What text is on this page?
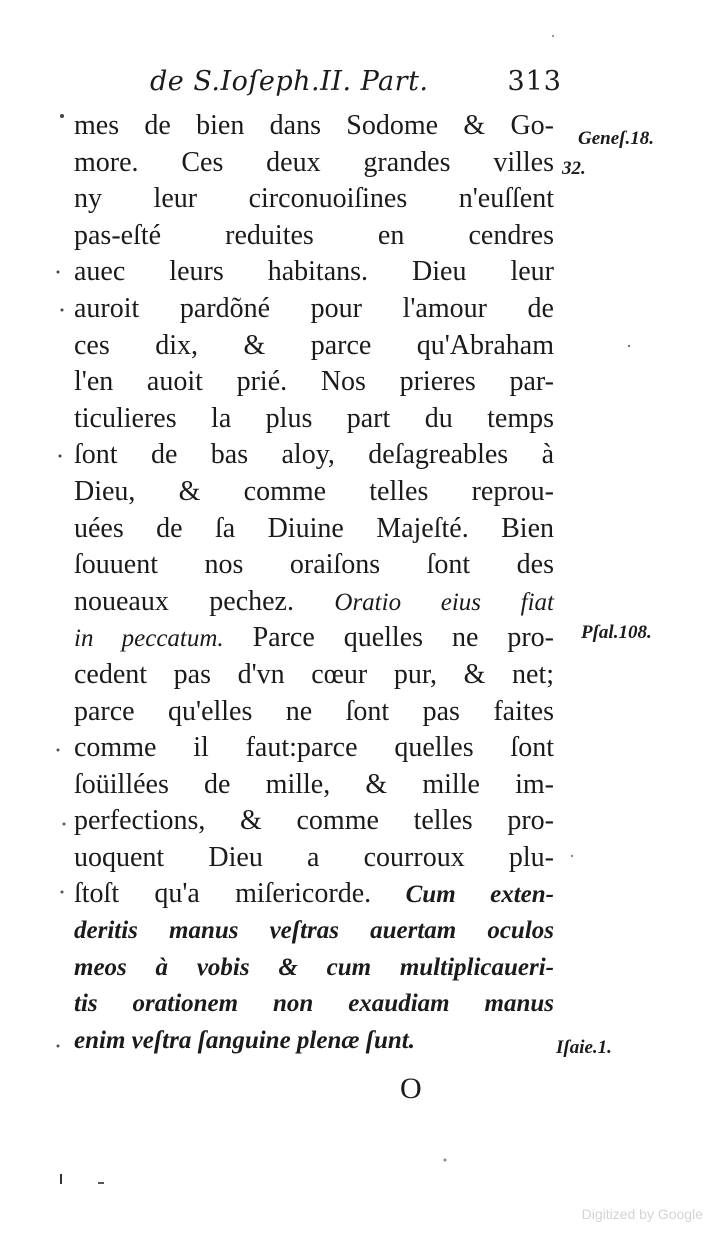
de S.Ioſeph.II. Part.	313
mes de bien dans Sodome & Go-
more. Ces deux grandes villes
ny leur circonuoiſines n'euſſent
pas-eſté reduites en cendres
auec leurs habitans. Dieu leur
auroit pardõné pour l'amour de
ces dix, & parce qu'Abraham
l'en auoit prié. Nos prieres par-
ticulieres la plus part du temps
ſont de bas aloy, deſagreables à
Dieu, & comme telles reprou-
uées de ſa Diuine Majeſté. Bien
ſouuent nos oraiſons ſont des
noueaux pechez. Oratio eius fiat
in peccatum. Parce quelles ne pro-
cedent pas d'vn cœur pur, & net;
parce qu'elles ne ſont pas faites
comme il faut:parce quelles ſont
ſoüillées de mille, & mille im-
perfections, & comme telles pro-
uoquent Dieu a courroux plu-
ſtoſt qu'a miſericorde. Cum exten-
deritis manus veſtras auertam oculos
meos à vobis & cum multiplicaueri-
tis orationem non exaudiam manus
enim veſtra ſanguine plenæ ſunt.
Geneſ.18.
32.
Pſal.108.
Iſaie.1.
O
Digitized by Google
